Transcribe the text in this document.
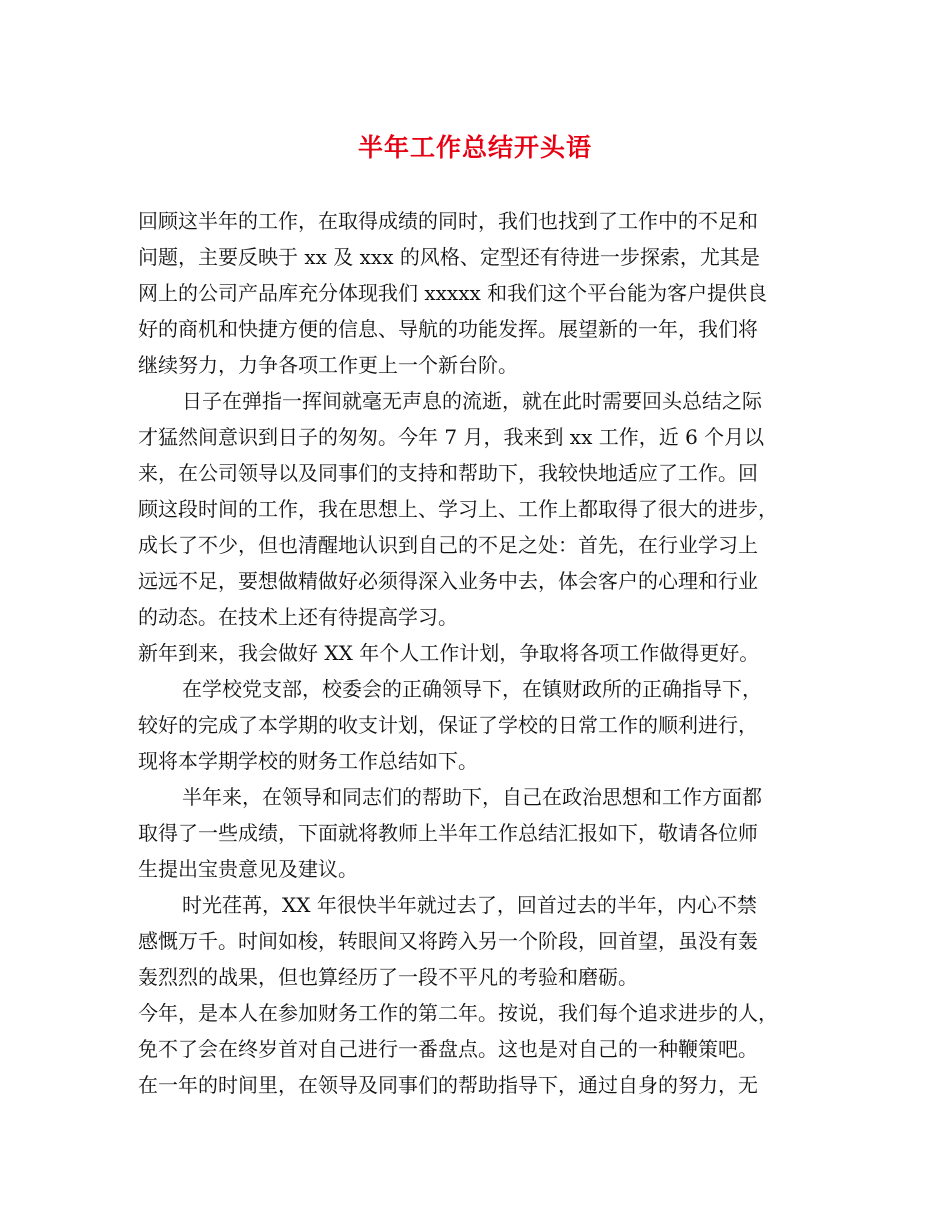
半年工作总结开头语
回顾这半年的工作，在取得成绩的同时，我们也找到了工作中的不足和
问题，主要反映于 xx 及 xxx 的风格、定型还有待进一步探索，尤其是
网上的公司产品库充分体现我们 xxxxx 和我们这个平台能为客户提供良
好的商机和快捷方便的信息、导航的功能发挥。展望新的一年，我们将
继续努力，力争各项工作更上一个新台阶。
日子在弹指一挥间就毫无声息的流逝，就在此时需要回头总结之际
才猛然间意识到日子的匆匆。今年 7 月，我来到 xx 工作，近 6 个月以
来，在公司领导以及同事们的支持和帮助下，我较快地适应了工作。回
顾这段时间的工作，我在思想上、学习上、工作上都取得了很大的进步，
成长了不少，但也清醒地认识到自己的不足之处：首先，在行业学习上
远远不足，要想做精做好必须得深入业务中去，体会客户的心理和行业
的动态。在技术上还有待提高学习。
新年到来，我会做好 XX 年个人工作计划，争取将各项工作做得更好。
在学校党支部，校委会的正确领导下，在镇财政所的正确指导下，
较好的完成了本学期的收支计划，保证了学校的日常工作的顺利进行，
现将本学期学校的财务工作总结如下。
半年来，在领导和同志们的帮助下，自己在政治思想和工作方面都
取得了一些成绩，下面就将教师上半年工作总结汇报如下，敬请各位师
生提出宝贵意见及建议。
时光荏苒，XX 年很快半年就过去了，回首过去的半年，内心不禁
感慨万千。时间如梭，转眼间又将跨入另一个阶段，回首望，虽没有轰
轰烈烈的战果，但也算经历了一段不平凡的考验和磨砺。
今年，是本人在参加财务工作的第二年。按说，我们每个追求进步的人，
免不了会在终岁首对自己进行一番盘点。这也是对自己的一种鞭策吧。
在一年的时间里，在领导及同事们的帮助指导下，通过自身的努力，无
